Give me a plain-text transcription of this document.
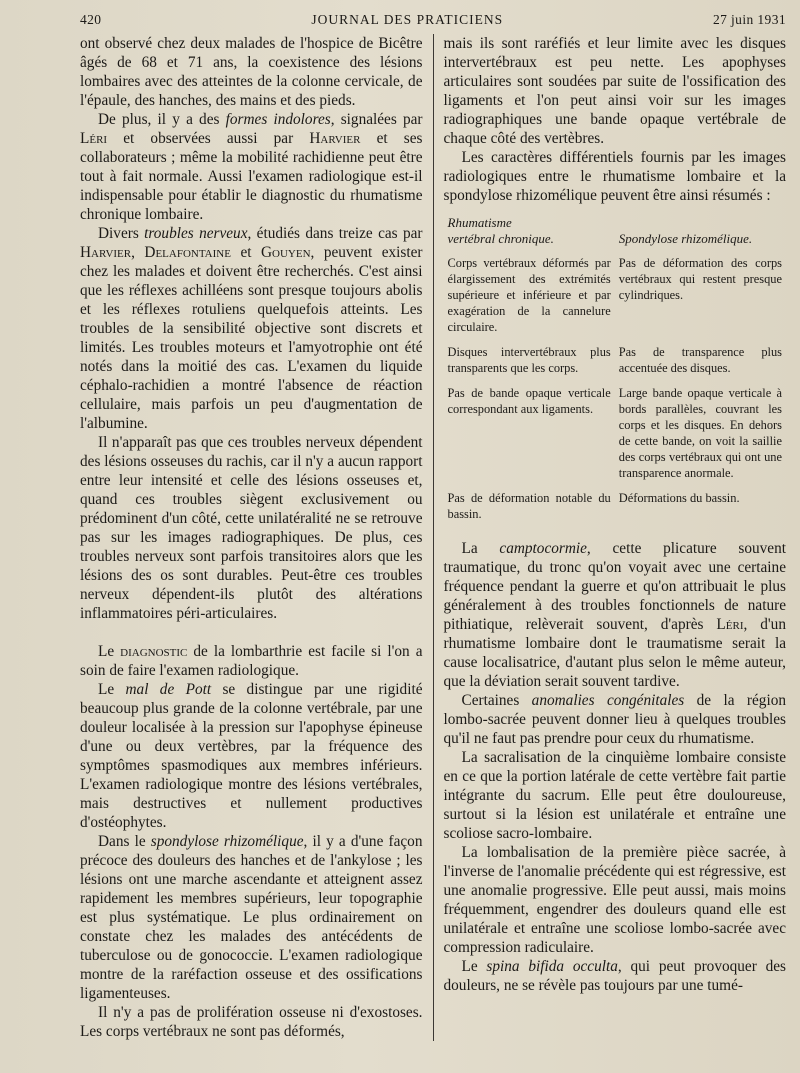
420	JOURNAL DES PRATICIENS	27 juin 1931

ont observé chez deux malades de l'hospice de Bicêtre âgés de 68 et 71 ans, la coexistence des lésions lombaires avec des atteintes de la colonne cervicale, de l'épaule, des hanches, des mains et des pieds.

De plus, il y a des formes indolores, signalées par Léri et observées aussi par Harvier et ses collaborateurs ; même la mobilité rachidienne peut être tout à fait normale. Aussi l'examen radiologique est-il indispensable pour établir le diagnostic du rhumatisme chronique lombaire.

Divers troubles nerveux, étudiés dans treize cas par Harvier, Delafontaine et Gouyen, peuvent exister chez les malades et doivent être recherchés. C'est ainsi que les réflexes achilléens sont presque toujours abolis et les réflexes rotuliens quelquefois atteints. Les troubles de la sensibilité objective sont discrets et limités. Les troubles moteurs et l'amyotrophie ont été notés dans la moitié des cas. L'examen du liquide céphalo-rachidien a montré l'absence de réaction cellulaire, mais parfois un peu d'augmentation de l'albumine.

Il n'apparaît pas que ces troubles nerveux dépendent des lésions osseuses du rachis, car il n'y a aucun rapport entre leur intensité et celle des lésions osseuses et, quand ces troubles siègent exclusivement ou prédominent d'un côté, cette unilatéralité ne se retrouve pas sur les images radiographiques. De plus, ces troubles nerveux sont parfois transitoires alors que les lésions des os sont durables. Peut-être ces troubles nerveux dépendent-ils plutôt des altérations inflammatoires péri-articulaires.

Le diagnostic de la lombarthrie est facile si l'on a soin de faire l'examen radiologique.

Le mal de Pott se distingue par une rigidité beaucoup plus grande de la colonne vertébrale, par une douleur localisée à la pression sur l'apophyse épineuse d'une ou deux vertèbres, par la fréquence des symptômes spasmodiques aux membres inférieurs. L'examen radiologique montre des lésions vertébrales, mais destructives et nullement productives d'ostéophytes.

Dans le spondylose rhizomélique, il y a d'une façon précoce des douleurs des hanches et de l'ankylose ; les lésions ont une marche ascendante et atteignent assez rapidement les membres supérieurs, leur topographie est plus systématique. Le plus ordinairement on constate chez les malades des antécédents de tuberculose ou de gonococcie. L'examen radiologique montre de la raréfaction osseuse et des ossifications ligamenteuses.

Il n'y a pas de prolifération osseuse ni d'exostoses. Les corps vertébraux ne sont pas déformés,

mais ils sont raréfiés et leur limite avec les disques intervertébraux est peu nette. Les apophyses articulaires sont soudées par suite de l'ossification des ligaments et l'on peut ainsi voir sur les images radiographiques une bande opaque vertébrale de chaque côté des vertèbres.

Les caractères différentiels fournis par les images radiologiques entre le rhumatisme lombaire et la spondylose rhizomélique peuvent être ainsi résumés :

Rhumatisme
vertébral chronique.	Spondylose rhizomélique.
Corps vertébraux déformés par élargissement des extrémités supérieure et inférieure et par exagération de la cannelure circulaire.	Pas de déformation des corps vertébraux qui restent presque cylindriques.
Disques intervertébraux plus transparents que les corps.	Pas de transparence plus accentuée des disques.
Pas de bande opaque verticale correspondant aux ligaments.	Large bande opaque verticale à bords parallèles, couvrant les corps et les disques. En dehors de cette bande, on voit la saillie des corps vertébraux qui ont une transparence anormale.
Pas de déformation notable du bassin.	Déformations du bassin.

La camptocormie, cette plicature souvent traumatique, du tronc qu'on voyait avec une certaine fréquence pendant la guerre et qu'on attribuait le plus généralement à des troubles fonctionnels de nature pithiatique, relèverait souvent, d'après Léri, d'un rhumatisme lombaire dont le traumatisme serait la cause localisatrice, d'autant plus selon le même auteur, que la déviation serait souvent tardive.

Certaines anomalies congénitales de la région lombo-sacrée peuvent donner lieu à quelques troubles qu'il ne faut pas prendre pour ceux du rhumatisme.

La sacralisation de la cinquième lombaire consiste en ce que la portion latérale de cette vertèbre fait partie intégrante du sacrum. Elle peut être douloureuse, surtout si la lésion est unilatérale et entraîne une scoliose sacro-lombaire.

La lombalisation de la première pièce sacrée, à l'inverse de l'anomalie précédente qui est régressive, est une anomalie progressive. Elle peut aussi, mais moins fréquemment, engendrer des douleurs quand elle est unilatérale et entraîne une scoliose lombo-sacrée avec compression radiculaire.

Le spina bifida occulta, qui peut provoquer des douleurs, ne se révèle pas toujours par une tumé-
